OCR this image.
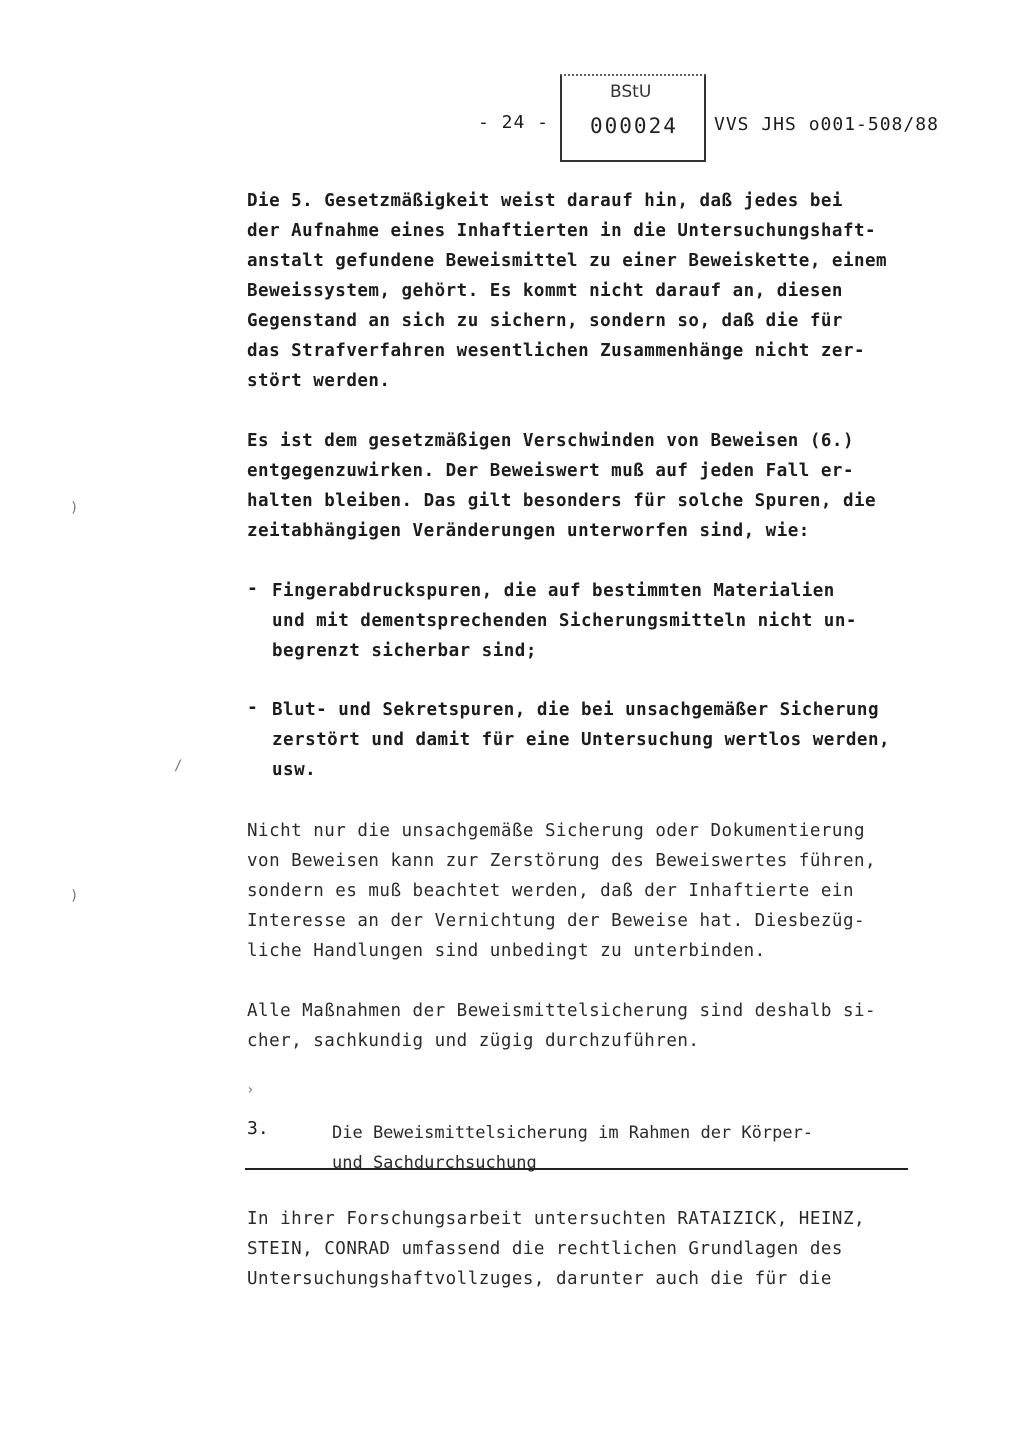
- 24 -
BStU
000024 VVS JHS o001-508/88

Die 5. Gesetzmäßigkeit weist darauf hin, daß jedes bei
der Aufnahme eines Inhaftierten in die Untersuchungshaft-
anstalt gefundene Beweismittel zu einer Beweiskette, einem
Beweissystem, gehört. Es kommt nicht darauf an, diesen
Gegenstand an sich zu sichern, sondern so, daß die für
das Strafverfahren wesentlichen Zusammenhänge nicht zer-
stört werden.

Es ist dem gesetzmäßigen Verschwinden von Beweisen (6.)
entgegenzuwirken. Der Beweiswert muß auf jeden Fall er-
halten bleiben. Das gilt besonders für solche Spuren, die
zeitabhängigen Veränderungen unterworfen sind, wie:

- Fingerabdruckspuren, die auf bestimmten Materialien
und mit dementsprechenden Sicherungsmitteln nicht un-
begrenzt sicherbar sind;

- Blut- und Sekretspuren, die bei unsachgemäßer Sicherung
zerstört und damit für eine Untersuchung wertlos werden,
usw.

Nicht nur die unsachgemäße Sicherung oder Dokumentierung
von Beweisen kann zur Zerstörung des Beweiswertes führen,
sondern es muß beachtet werden, daß der Inhaftierte ein
Interesse an der Vernichtung der Beweise hat. Diesbezüg-
liche Handlungen sind unbedingt zu unterbinden.

Alle Maßnahmen der Beweismittelsicherung sind deshalb si-
cher, sachkundig und zügig durchzuführen.

3.	Die Beweismittelsicherung im Rahmen der Körper-
und Sachdurchsuchung

In ihrer Forschungsarbeit untersuchten RATAIZICK, HEINZ,
STEIN, CONRAD umfassend die rechtlichen Grundlagen des
Untersuchungshaftvollzuges, darunter auch die für die

)
)
/
›
